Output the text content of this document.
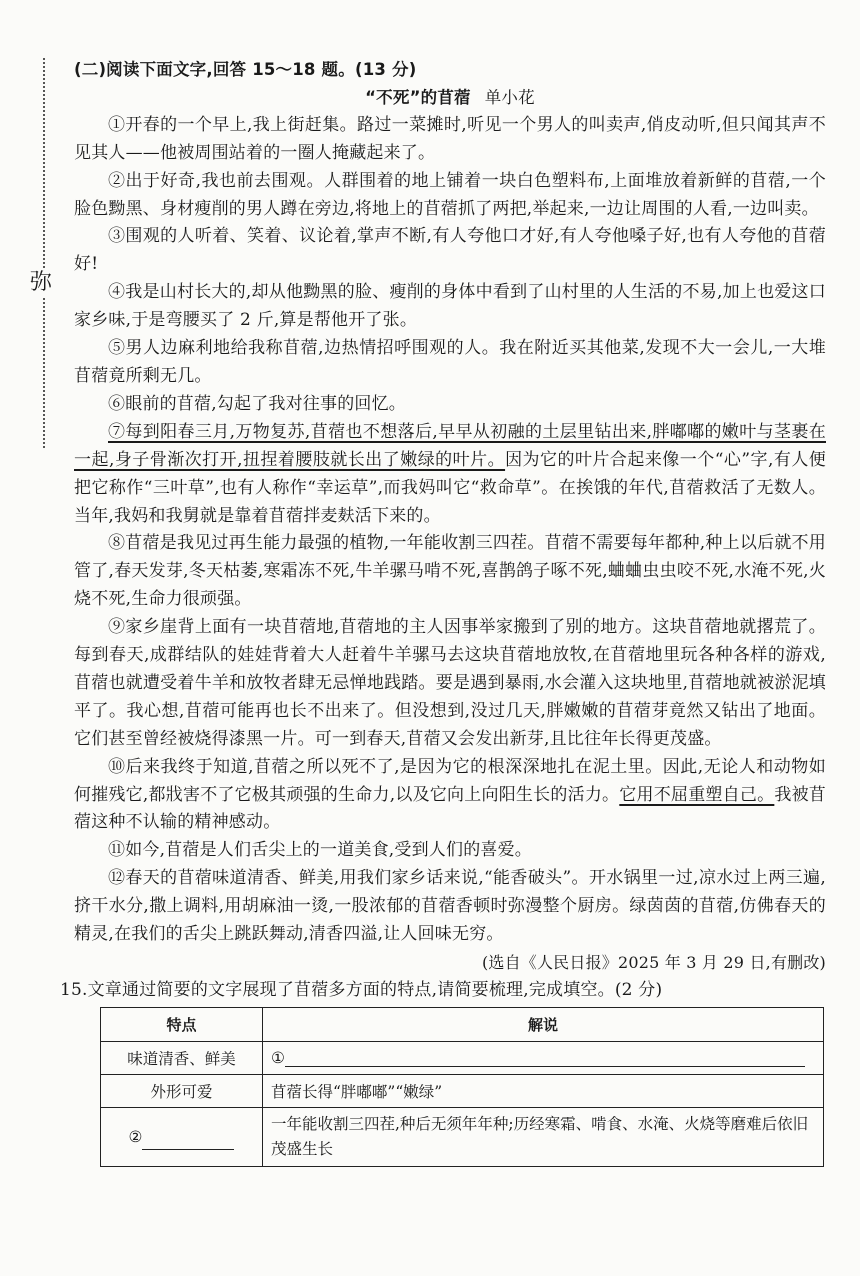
弥

(二)阅读下面文字,回答 15～18 题。(13 分)

“不死”的苜蓿 单小花

①开春的一个早上,我上街赶集。路过一菜摊时,听见一个男人的叫卖声,俏皮动听,但只闻其声不见其人——他被周围站着的一圈人掩藏起来了。

②出于好奇,我也前去围观。人群围着的地上铺着一块白色塑料布,上面堆放着新鲜的苜蓿,一个脸色黝黑、身材瘦削的男人蹲在旁边,将地上的苜蓿抓了两把,举起来,一边让周围的人看,一边叫卖。

③围观的人听着、笑着、议论着,掌声不断,有人夸他口才好,有人夸他嗓子好,也有人夸他的苜蓿好!

④我是山村长大的,却从他黝黑的脸、瘦削的身体中看到了山村里的人生活的不易,加上也爱这口家乡味,于是弯腰买了 2 斤,算是帮他开了张。

⑤男人边麻利地给我称苜蓿,边热情招呼围观的人。我在附近买其他菜,发现不大一会儿,一大堆苜蓿竟所剩无几。

⑥眼前的苜蓿,勾起了我对往事的回忆。

⑦每到阳春三月,万物复苏,苜蓿也不想落后,早早从初融的土层里钻出来,胖嘟嘟的嫩叶与茎裹在一起,身子骨渐次打开,扭捏着腰肢就长出了嫩绿的叶片。因为它的叶片合起来像一个“心”字,有人便把它称作“三叶草”,也有人称作“幸运草”,而我妈叫它“救命草”。在挨饿的年代,苜蓿救活了无数人。当年,我妈和我舅就是靠着苜蓿拌麦麸活下来的。

⑧苜蓿是我见过再生能力最强的植物,一年能收割三四茬。苜蓿不需要每年都种,种上以后就不用管了,春天发芽,冬天枯萎,寒霜冻不死,牛羊骡马啃不死,喜鹊鸽子啄不死,蛐蛐虫虫咬不死,水淹不死,火烧不死,生命力很顽强。

⑨家乡崖背上面有一块苜蓿地,苜蓿地的主人因事举家搬到了别的地方。这块苜蓿地就撂荒了。每到春天,成群结队的娃娃背着大人赶着牛羊骡马去这块苜蓿地放牧,在苜蓿地里玩各种各样的游戏,苜蓿也就遭受着牛羊和放牧者肆无忌惮地践踏。要是遇到暴雨,水会灌入这块地里,苜蓿地就被淤泥填平了。我心想,苜蓿可能再也长不出来了。但没想到,没过几天,胖嫩嫩的苜蓿芽竟然又钻出了地面。它们甚至曾经被烧得漆黑一片。可一到春天,苜蓿又会发出新芽,且比往年长得更茂盛。

⑩后来我终于知道,苜蓿之所以死不了,是因为它的根深深地扎在泥土里。因此,无论人和动物如何摧残它,都戕害不了它极其顽强的生命力,以及它向上向阳生长的活力。它用不屈重塑自己。我被苜蓿这种不认输的精神感动。

⑪如今,苜蓿是人们舌尖上的一道美食,受到人们的喜爱。

⑫春天的苜蓿味道清香、鲜美,用我们家乡话来说,“能香破头”。开水锅里一过,凉水过上两三遍,挤干水分,撒上调料,用胡麻油一烫,一股浓郁的苜蓿香顿时弥漫整个厨房。绿茵茵的苜蓿,仿佛春天的精灵,在我们的舌尖上跳跃舞动,清香四溢,让人回味无穷。

(选自《人民日报》2025 年 3 月 29 日,有删改)

15.文章通过简要的文字展现了苜蓿多方面的特点,请简要梳理,完成填空。(2 分)

特点	解说
味道清香、鲜美	①
外形可爱	苜蓿长得“胖嘟嘟”“嫩绿”
②	一年能收割三四茬,种后无须年年种;历经寒霜、啃食、水淹、火烧等磨难后依旧茂盛生长
